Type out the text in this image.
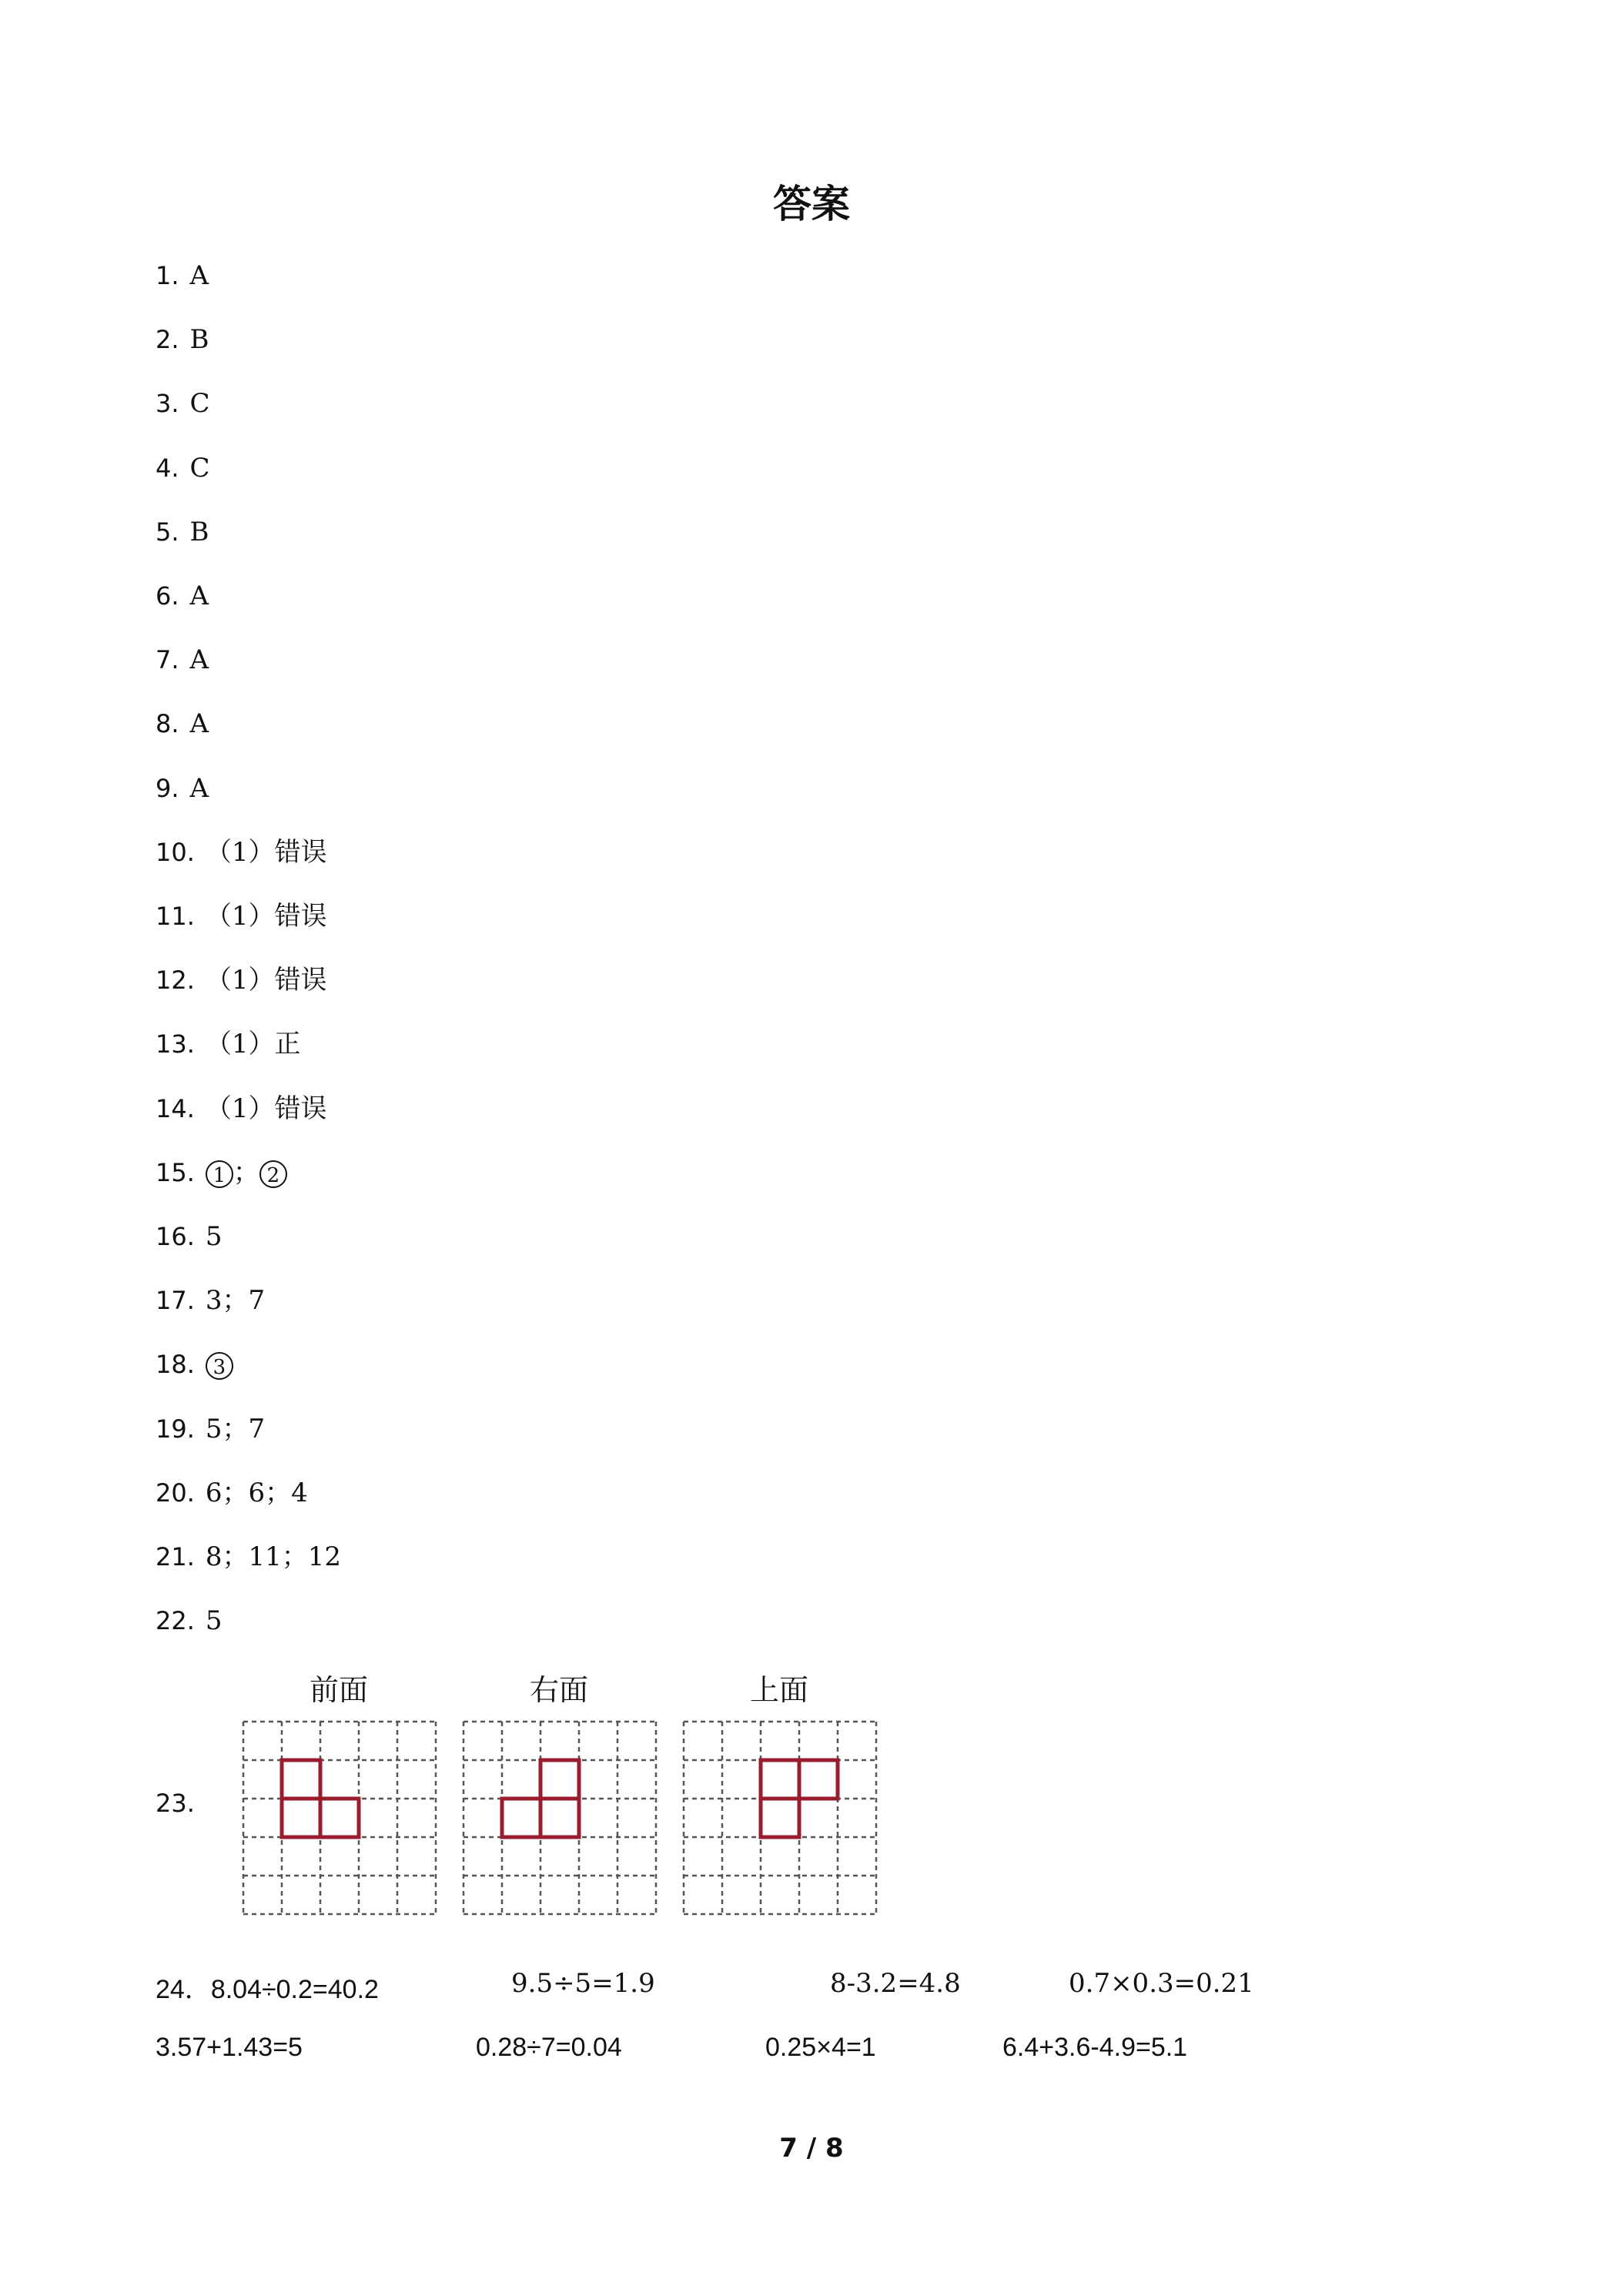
答案
1. A
2. B
3. C
4. C
5. B
6. A
7. A
8. A
9. A
10. （1）错误
11. （1）错误
12. （1）错误
13. （1）正
14. （1）错误
15. 1 ； 2
16. 5
17. 3；7
18. 3
19. 5；7
20. 6；6；4
21. 8；11；12
22. 5
23.
前面	右面	上面
24．8.04÷0.2=40.2	9.5÷5=1.9	8-3.2=4.8	0.7×0.3=0.21
3.57+1.43=5	0.28÷7=0.04	0.25×4=1	6.4+3.6-4.9=5.1
7 / 8
